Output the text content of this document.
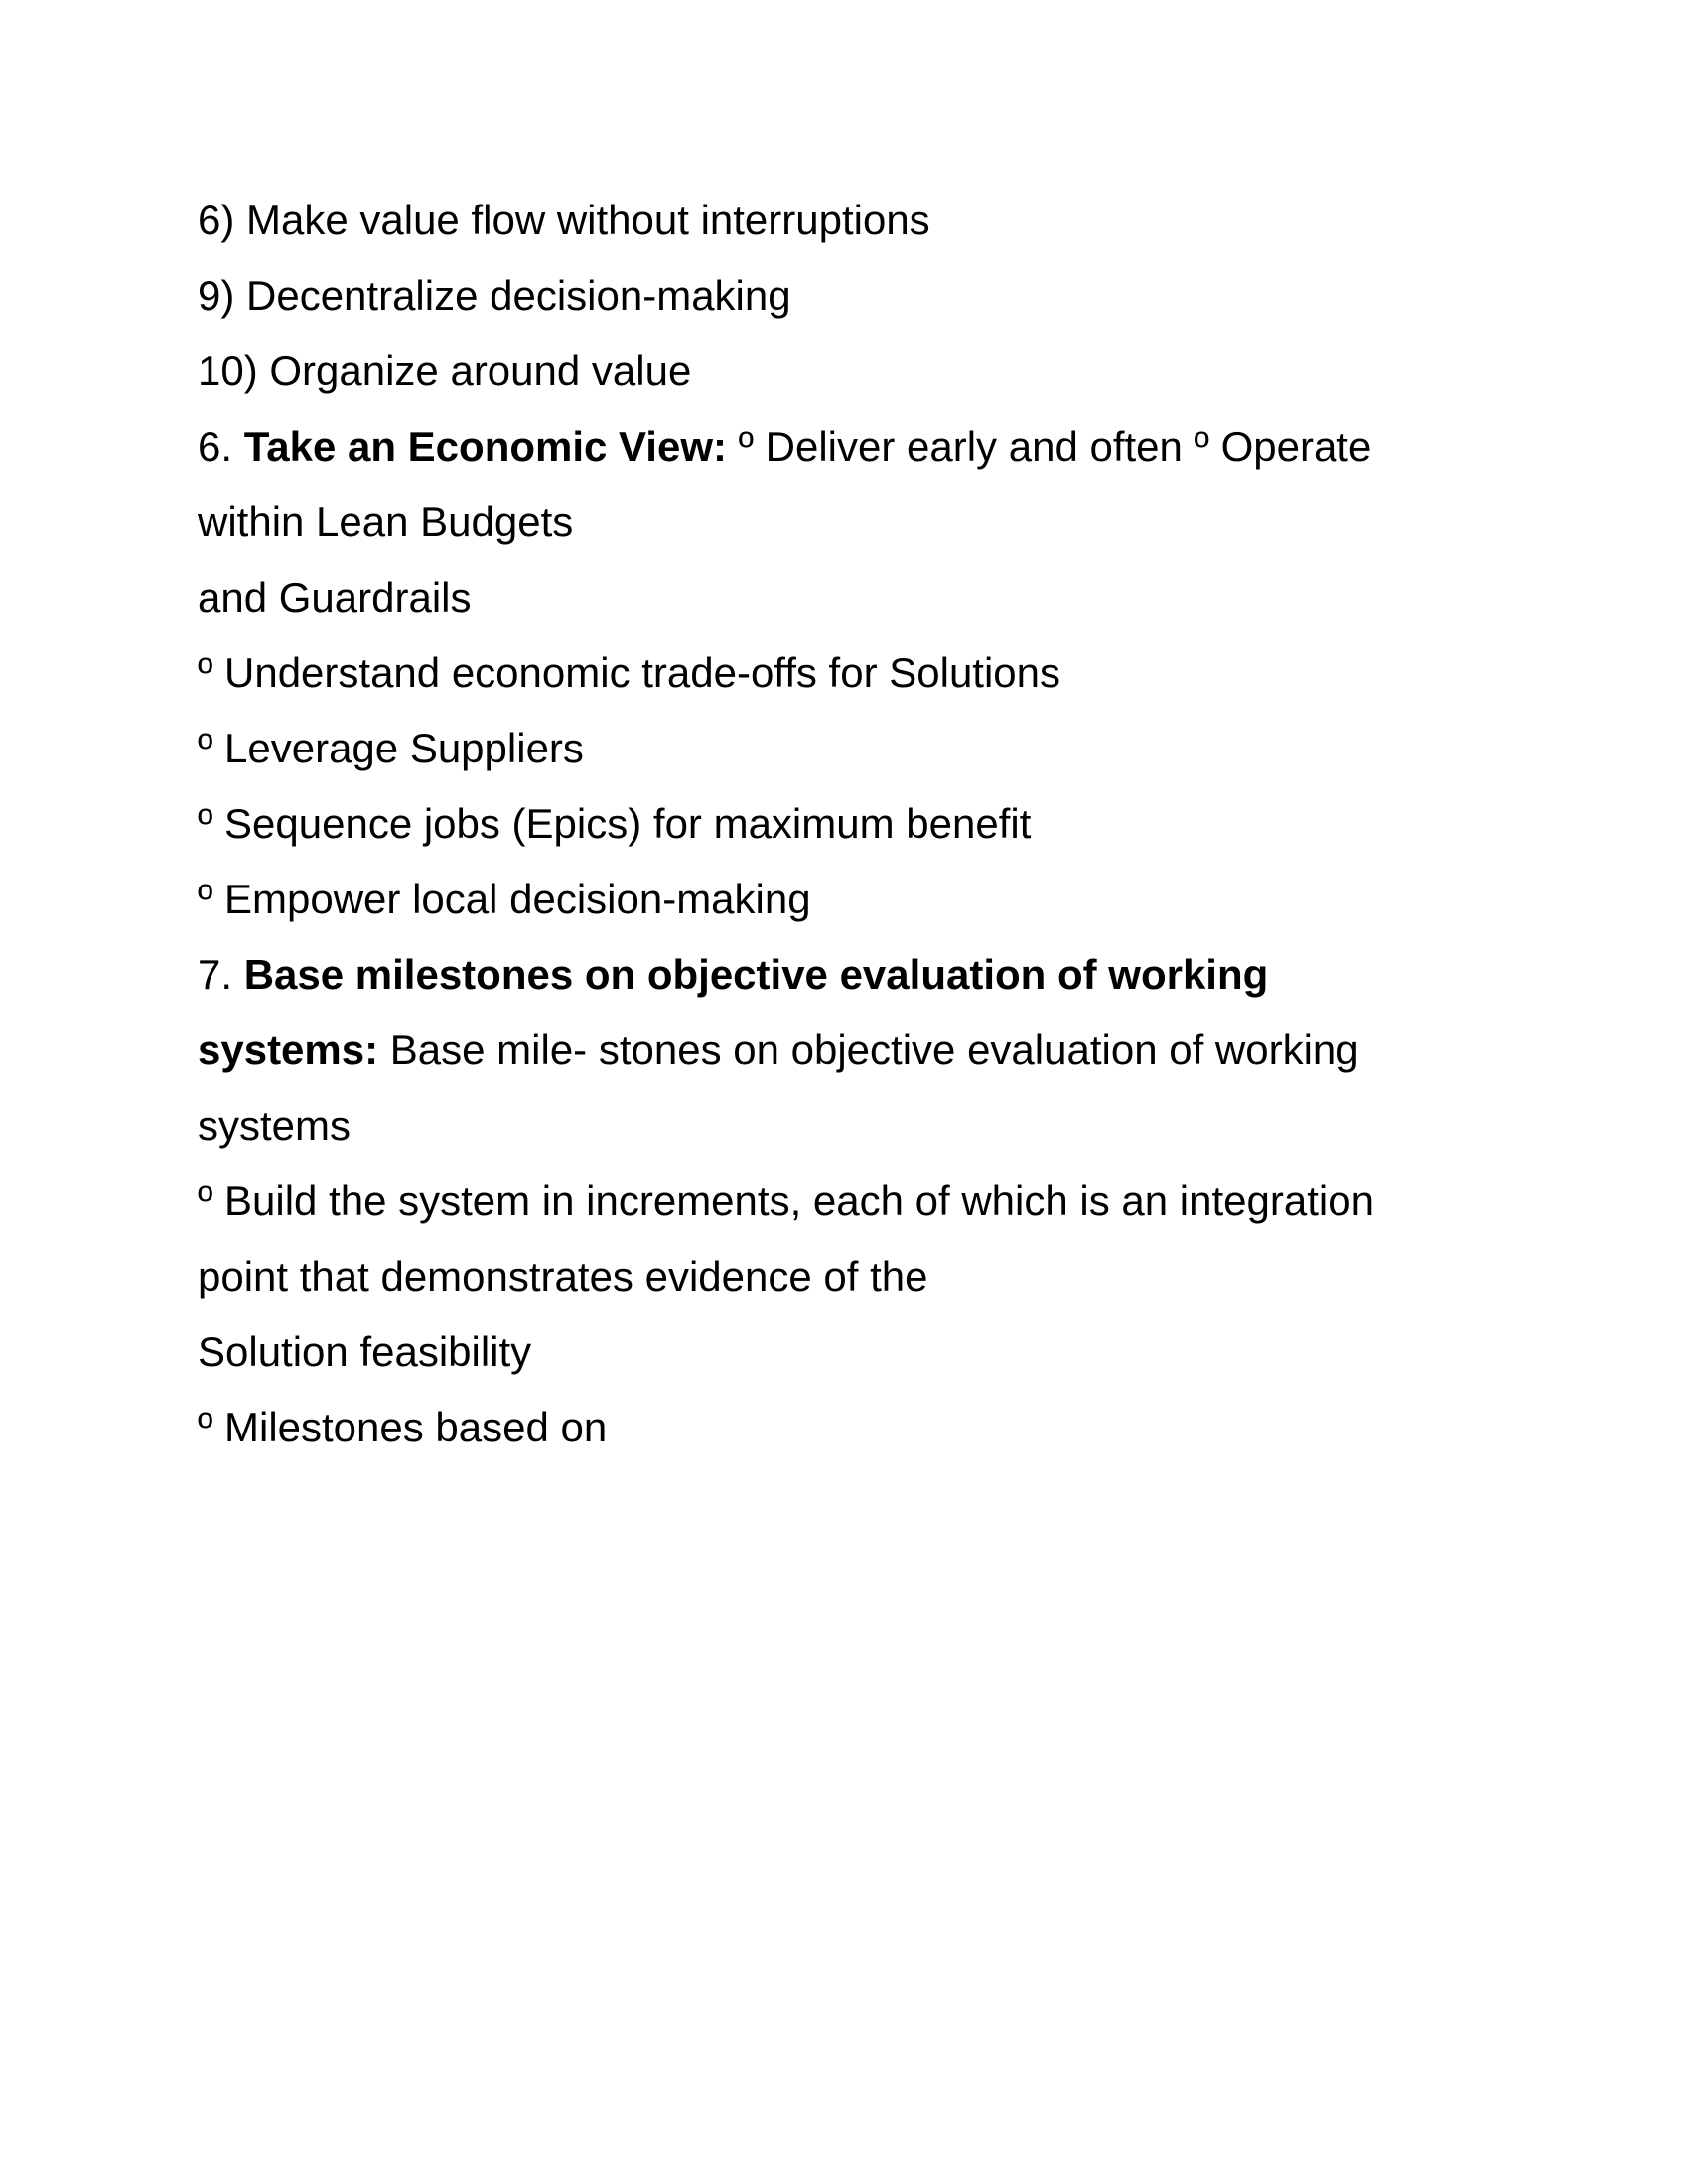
6) Make value flow without interruptions
9) Decentralize decision-making
10) Organize around value
6. Take an Economic View: º Deliver early and often º Operate
within Lean Budgets
and Guardrails
º Understand economic trade-offs for Solutions
º Leverage Suppliers
º Sequence jobs (Epics) for maximum benefit
º Empower local decision-making
7. Base milestones on objective evaluation of working
systems: Base mile- stones on objective evaluation of working
systems
º Build the system in increments, each of which is an integration
point that demonstrates evidence of the
Solution feasibility
º Milestones based on
